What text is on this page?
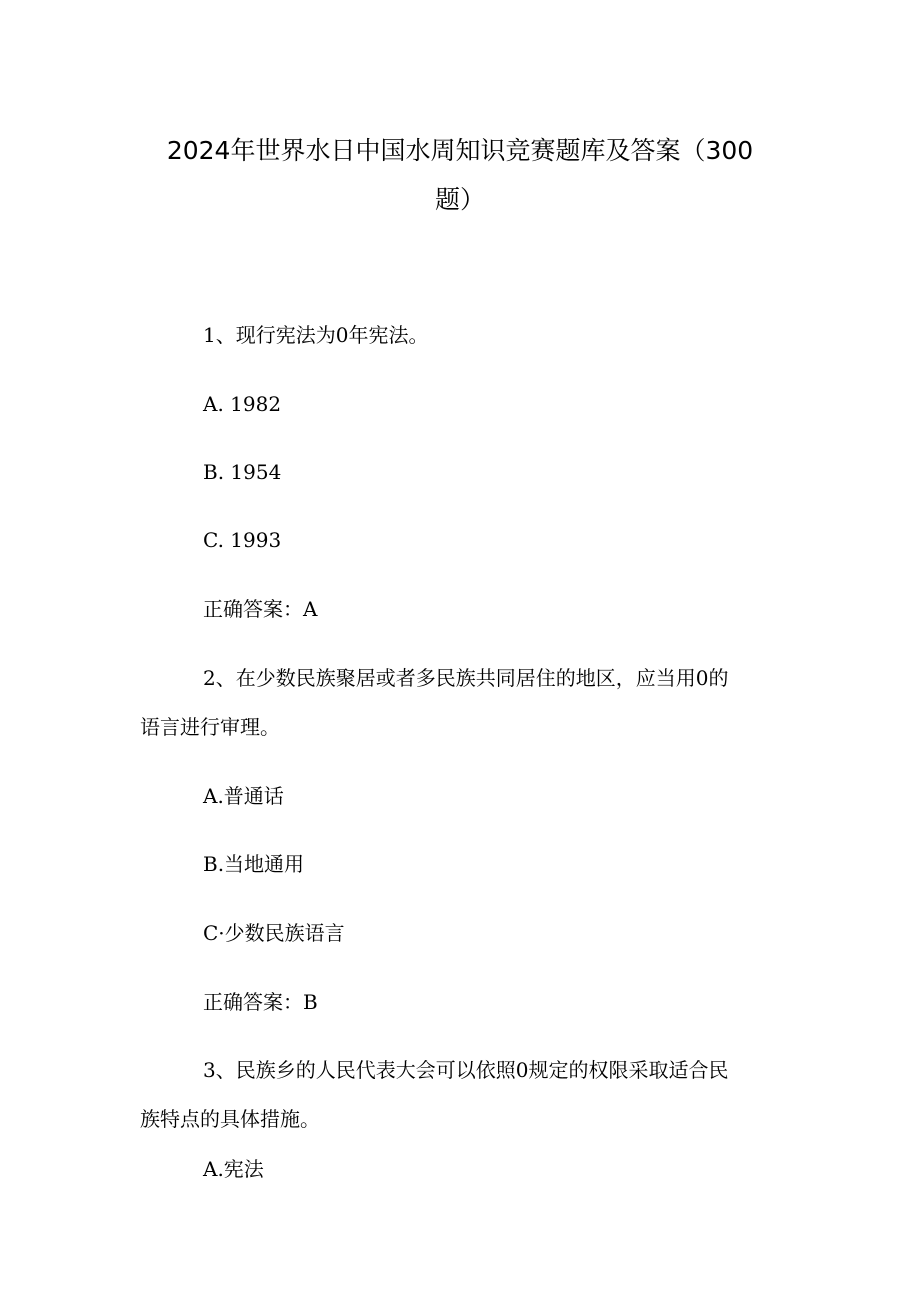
2024年世界水日中国水周知识竞赛题库及答案（300
题）

1、现行宪法为0年宪法。

A. 1982

B. 1954

C. 1993

正确答案：A

2、在少数民族聚居或者多民族共同居住的地区，应当用0的

语言进行审理。

A.普通话

B.当地通用

C·少数民族语言

正确答案：B

3、民族乡的人民代表大会可以依照0规定的权限采取适合民

族特点的具体措施。

A.宪法
